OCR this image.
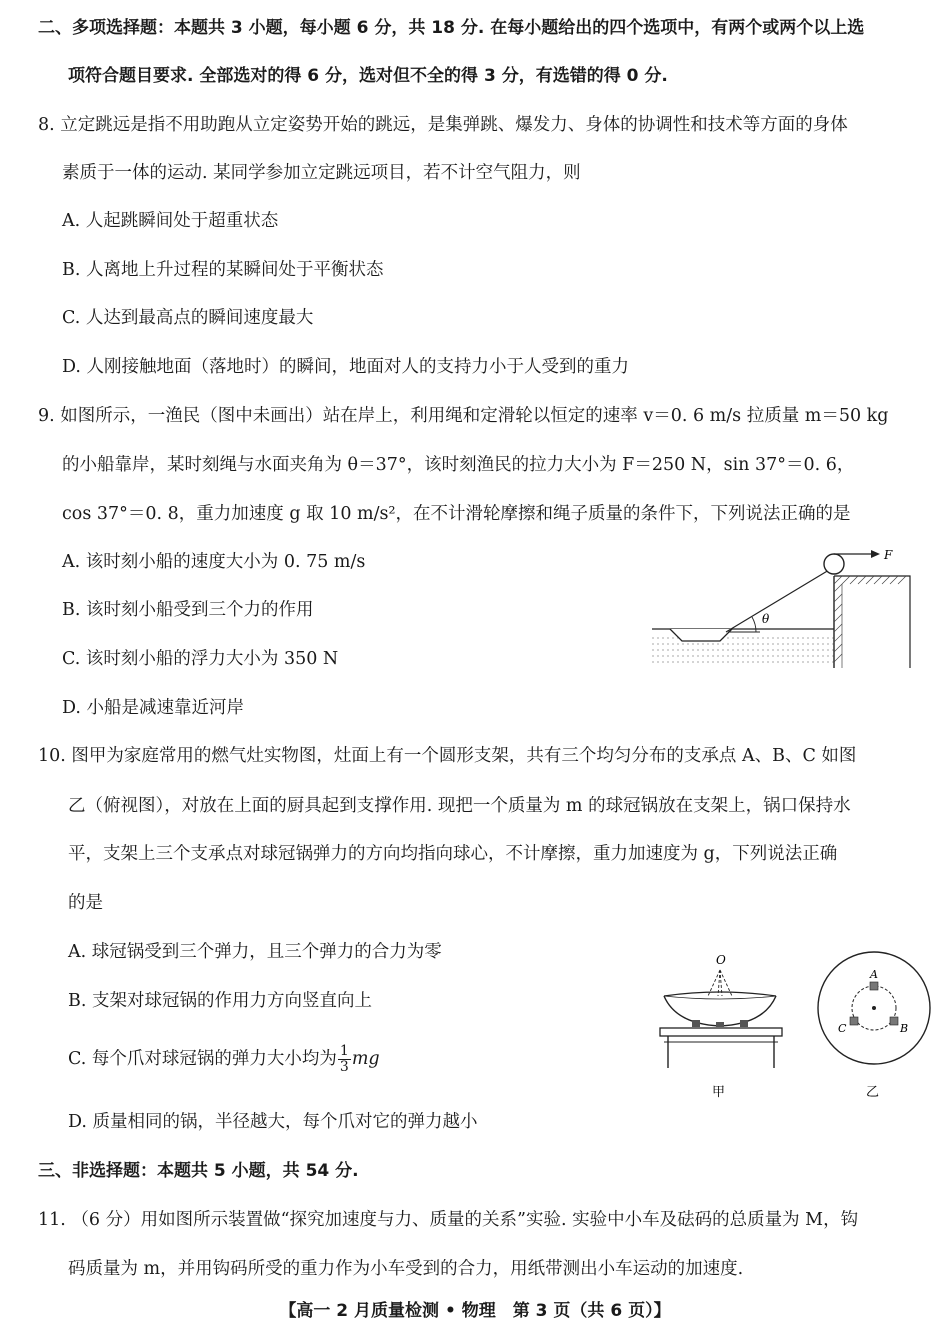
二、多项选择题：本题共 3 小题，每小题 6 分，共 18 分. 在每小题给出的四个选项中，有两个或两个以上选
项符合题目要求. 全部选对的得 6 分，选对但不全的得 3 分，有选错的得 0 分.
8. 立定跳远是指不用助跑从立定姿势开始的跳远，是集弹跳、爆发力、身体的协调性和技术等方面的身体
素质于一体的运动. 某同学参加立定跳远项目，若不计空气阻力，则
A. 人起跳瞬间处于超重状态
B. 人离地上升过程的某瞬间处于平衡状态
C. 人达到最高点的瞬间速度最大
D. 人刚接触地面（落地时）的瞬间，地面对人的支持力小于人受到的重力
9. 如图所示，一渔民（图中未画出）站在岸上，利用绳和定滑轮以恒定的速率 v＝0. 6 m/s 拉质量 m＝50 kg
的小船靠岸，某时刻绳与水面夹角为 θ＝37°，该时刻渔民的拉力大小为 F＝250 N，sin 37°＝0. 6，
cos 37°＝0. 8，重力加速度 g 取 10 m/s²，在不计滑轮摩擦和绳子质量的条件下，下列说法正确的是
A. 该时刻小船的速度大小为 0. 75 m/s
B. 该时刻小船受到三个力的作用
C. 该时刻小船的浮力大小为 350 N
D. 小船是减速靠近河岸
θ
F
10. 图甲为家庭常用的燃气灶实物图，灶面上有一个圆形支架，共有三个均匀分布的支承点 A、B、C 如图
乙（俯视图），对放在上面的厨具起到支撑作用. 现把一个质量为 m 的球冠锅放在支架上，锅口保持水
平，支架上三个支承点对球冠锅弹力的方向均指向球心，不计摩擦，重力加速度为 g，下列说法正确
的是
A. 球冠锅受到三个弹力，且三个弹力的合力为零
B. 支架对球冠锅的作用力方向竖直向上
C. 每个爪对球冠锅的弹力大小均为 $\frac{1}{3}$ mg
D. 质量相同的锅，半径越大，每个爪对它的弹力越小
O
甲
A
B
C
乙
三、非选择题：本题共 5 小题，共 54 分.
11. （6 分）用如图所示装置做“探究加速度与力、质量的关系”实验. 实验中小车及砝码的总质量为 M，钩
码质量为 m，并用钩码所受的重力作为小车受到的合力，用纸带测出小车运动的加速度.
【高一 2 月质量检测 • 物理　第 3 页（共 6 页）】
